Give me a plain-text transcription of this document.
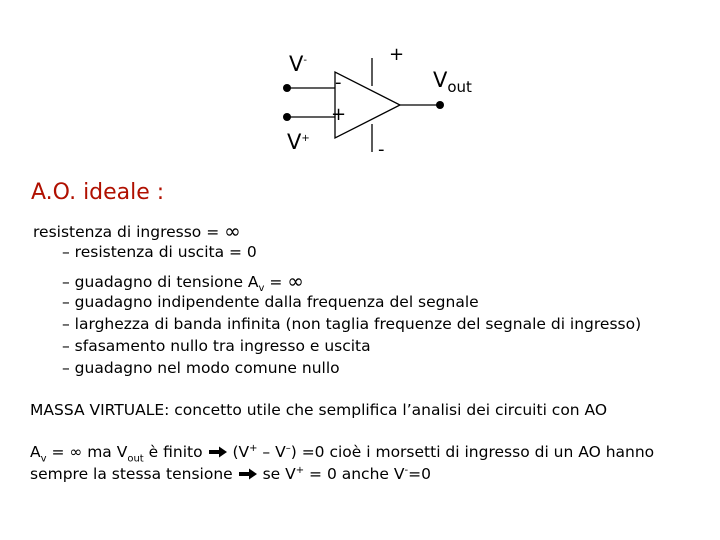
V-
V+
$V_{out}$
+
-
-
+
A.O. ideale :
resistenza di ingresso = ∞
– resistenza di uscita = 0
– guadagno di tensione $A_v$ = ∞
– guadagno indipendente dalla frequenza del segnale
– larghezza di banda infinita (non taglia frequenze del segnale di ingresso)
– sfasamento nullo tra ingresso e uscita
– guadagno nel modo comune nullo
MASSA VIRTUALE: concetto utile che semplifica l’analisi dei circuiti con AO
$A_v$ = ∞ ma $V_{out}$ è finito  (V+ – V–) =0 cioè i morsetti di ingresso di un AO hanno
sempre la stessa tensione  se V+ = 0 anche V-=0
